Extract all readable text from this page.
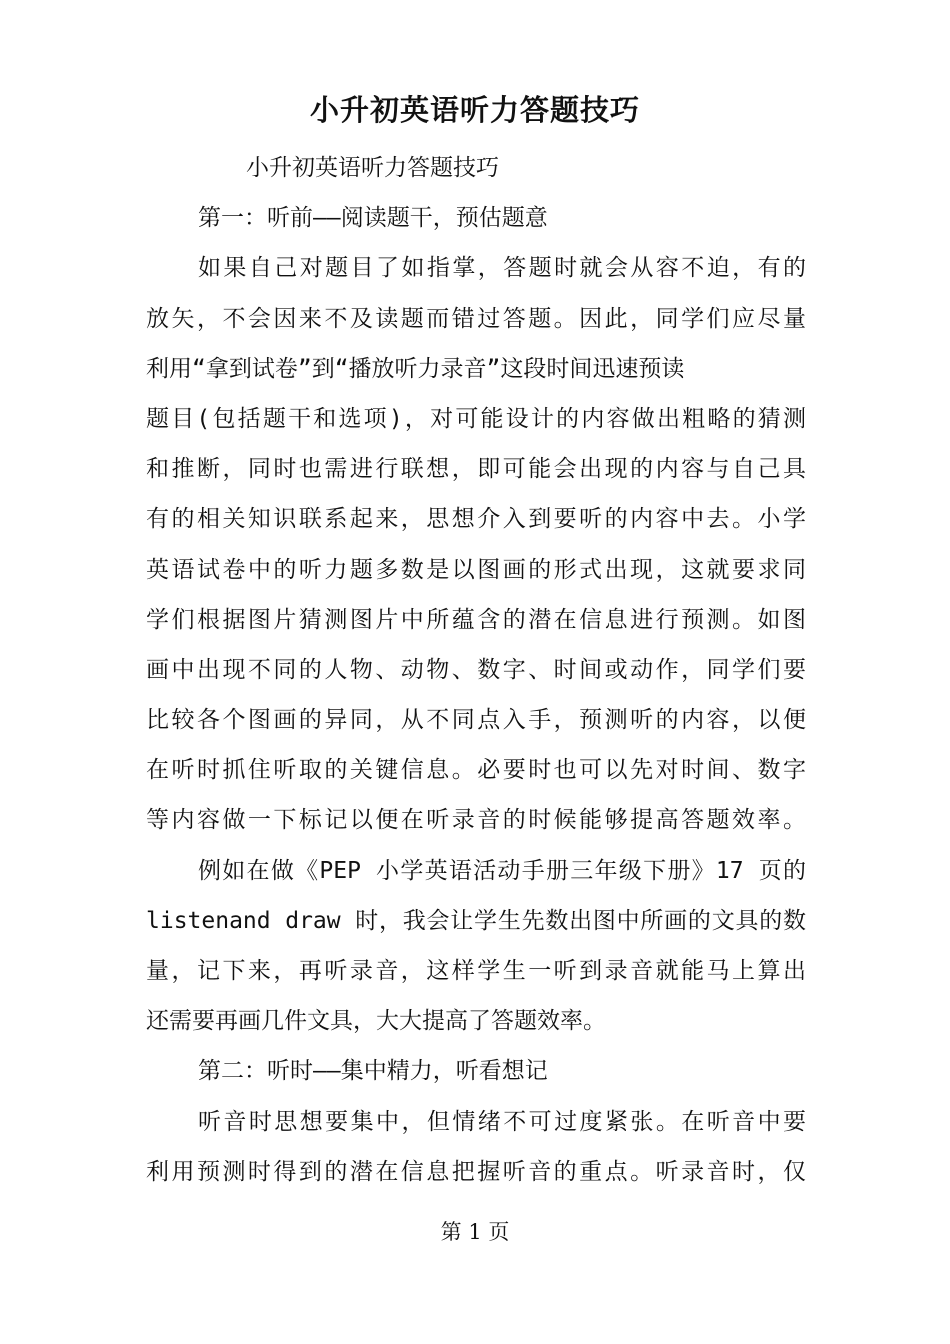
小升初英语听力答题技巧
小升初英语听力答题技巧
第一：听前——阅读题干，预估题意
如果自己对题目了如指掌，答题时就会从容不迫，有的
放矢，不会因来不及读题而错过答题。因此，同学们应尽量
利用“拿到试卷”到“播放听力录音”这段时间迅速预读
题目(包括题干和选项)，对可能设计的内容做出粗略的猜测
和推断，同时也需进行联想，即可能会出现的内容与自己具
有的相关知识联系起来，思想介入到要听的内容中去。小学
英语试卷中的听力题多数是以图画的形式出现，这就要求同
学们根据图片猜测图片中所蕴含的潜在信息进行预测。如图
画中出现不同的人物、动物、数字、时间或动作，同学们要
比较各个图画的异同，从不同点入手，预测听的内容，以便
在听时抓住听取的关键信息。必要时也可以先对时间、数字
等内容做一下标记以便在听录音的时候能够提高答题效率。
例如在做《PEP 小学英语活动手册三年级下册》17 页的
listenand draw 时，我会让学生先数出图中所画的文具的数
量，记下来，再听录音，这样学生一听到录音就能马上算出
还需要再画几件文具，大大提高了答题效率。
第二：听时——集中精力，听看想记
听音时思想要集中，但情绪不可过度紧张。在听音中要
利用预测时得到的潜在信息把握听音的重点。听录音时，仅
第 1 页
